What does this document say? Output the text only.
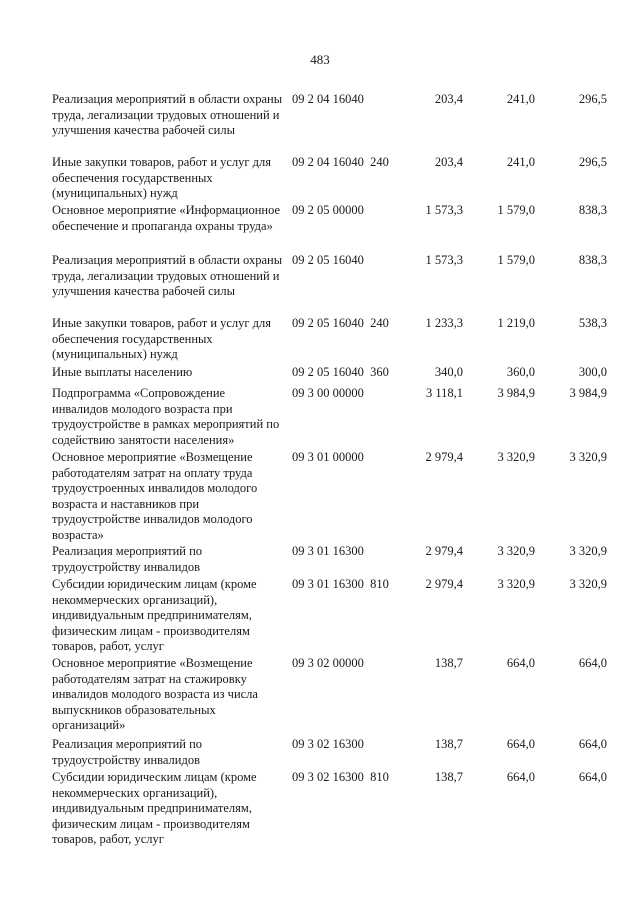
483
Реализация мероприятий в области охраны труда, легализации трудовых отношений и улучшения качества рабочей силы
09 2 04 16040	203,4	241,0	296,5
Иные закупки товаров, работ и услуг для обеспечения государственных (муниципальных) нужд
09 2 04 16040  240	203,4	241,0	296,5
Основное мероприятие «Информационное обеспечение и пропаганда охраны труда»
09 2 05 00000	1 573,3	1 579,0	838,3
Реализация мероприятий в области охраны труда, легализации трудовых отношений и улучшения качества рабочей силы
09 2 05 16040	1 573,3	1 579,0	838,3
Иные закупки товаров, работ и услуг для обеспечения государственных (муниципальных) нужд
09 2 05 16040  240	1 233,3	1 219,0	538,3
Иные выплаты населению	09 2 05 16040  360	340,0	360,0	300,0
Подпрограмма «Сопровождение инвалидов молодого возраста при трудоустройстве в рамках мероприятий по содействию занятости населения»
09 3 00 00000	3 118,1	3 984,9	3 984,9
Основное мероприятие «Возмещение работодателям затрат на оплату труда трудоустроенных инвалидов молодого возраста и наставников при трудоустройстве инвалидов молодого возраста»
09 3 01 00000	2 979,4	3 320,9	3 320,9
Реализация мероприятий по трудоустройству инвалидов
09 3 01 16300	2 979,4	3 320,9	3 320,9
Субсидии юридическим лицам (кроме некоммерческих организаций), индивидуальным предпринимателям, физическим лицам - производителям товаров, работ, услуг
09 3 01 16300  810	2 979,4	3 320,9	3 320,9
Основное мероприятие «Возмещение работодателям затрат на стажировку инвалидов молодого возраста из числа выпускников образовательных организаций»
09 3 02 00000	138,7	664,0	664,0
Реализация мероприятий по трудоустройству инвалидов
09 3 02 16300	138,7	664,0	664,0
Субсидии юридическим лицам (кроме некоммерческих организаций), индивидуальным предпринимателям, физическим лицам - производителям товаров, работ, услуг
09 3 02 16300  810	138,7	664,0	664,0
